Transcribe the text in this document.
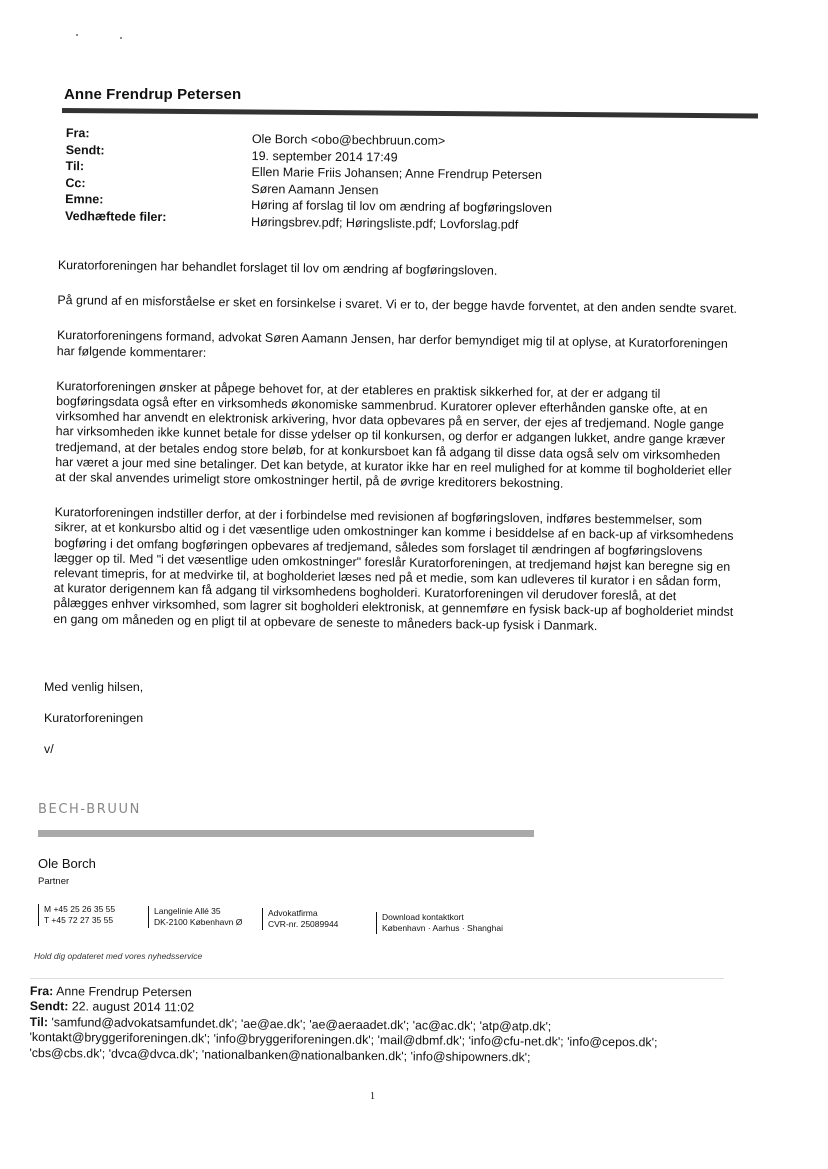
Anne Frendrup Petersen
Fra:
Sendt:
Til:
Cc:
Emne:
Vedhæftede filer:
Ole Borch <obo@bechbruun.com>
19. september 2014 17:49
Ellen Marie Friis Johansen; Anne Frendrup Petersen
Søren Aamann Jensen
Høring af forslag til lov om ændring af bogføringsloven
Høringsbrev.pdf; Høringsliste.pdf; Lovforslag.pdf

Kuratorforeningen har behandlet forslaget til lov om ændring af bogføringsloven.

På grund af en misforståelse er sket en forsinkelse i svaret. Vi er to, der begge havde forventet, at den anden sendte svaret.

Kuratorforeningens formand, advokat Søren Aamann Jensen, har derfor bemyndiget mig til at oplyse, at Kuratorforeningen har følgende kommentarer:

Kuratorforeningen ønsker at påpege behovet for, at der etableres en praktisk sikkerhed for, at der er adgang til bogføringsdata også efter en virksomheds økonomiske sammenbrud. Kuratorer oplever efterhånden ganske ofte, at en virksomhed har anvendt en elektronisk arkivering, hvor data opbevares på en server, der ejes af tredjemand. Nogle gange har virksomheden ikke kunnet betale for disse ydelser op til konkursen, og derfor er adgangen lukket, andre gange kræver tredjemand, at der betales endog store beløb, for at konkursboet kan få adgang til disse data også selv om virksomheden har været a jour med sine betalinger. Det kan betyde, at kurator ikke har en reel mulighed for at komme til bogholderiet eller at der skal anvendes urimeligt store omkostninger hertil, på de øvrige kreditorers bekostning.

Kuratorforeningen indstiller derfor, at der i forbindelse med revisionen af bogføringsloven, indføres bestemmelser, som sikrer, at et konkursbo altid og i det væsentlige uden omkostninger kan komme i besiddelse af en back-up af virksomhedens bogføring i det omfang bogføringen opbevares af tredjemand, således som forslaget til ændringen af bogføringslovens lægger op til. Med "i det væsentlige uden omkostninger" foreslår Kuratorforeningen, at tredjemand højst kan beregne sig en relevant timepris, for at medvirke til, at bogholderiet læses ned på et medie, som kan udleveres til kurator i en sådan form, at kurator derigennem kan få adgang til virksomhedens bogholderi. Kuratorforeningen vil derudover foreslå, at det pålægges enhver virksomhed, som lagrer sit bogholderi elektronisk, at gennemføre en fysisk back-up af bogholderiet mindst en gang om måneden og en pligt til at opbevare de seneste to måneders back-up fysisk i Danmark.

Med venlig hilsen,
Kuratorforeningen
v/
BECH-BRUUN
Ole Borch
Partner
M +45 25 26 35 55
T +45 72 27 35 55
Langelinie Allé 35
DK-2100 København Ø
Advokatfirma
CVR-nr. 25089944
Download kontaktkort
København · Aarhus · Shanghai
Hold dig opdateret med vores nyhedsservice
Fra: Anne Frendrup Petersen
Sendt: 22. august 2014 11:02
Til: 'samfund@advokatsamfundet.dk'; 'ae@ae.dk'; 'ae@aeraadet.dk'; 'ac@ac.dk'; 'atp@atp.dk';
'kontakt@bryggeriforeningen.dk'; 'info@bryggeriforeningen.dk'; 'mail@dbmf.dk'; 'info@cfu-net.dk'; 'info@cepos.dk';
'cbs@cbs.dk'; 'dvca@dvca.dk'; 'nationalbanken@nationalbanken.dk'; 'info@shipowners.dk';
1
